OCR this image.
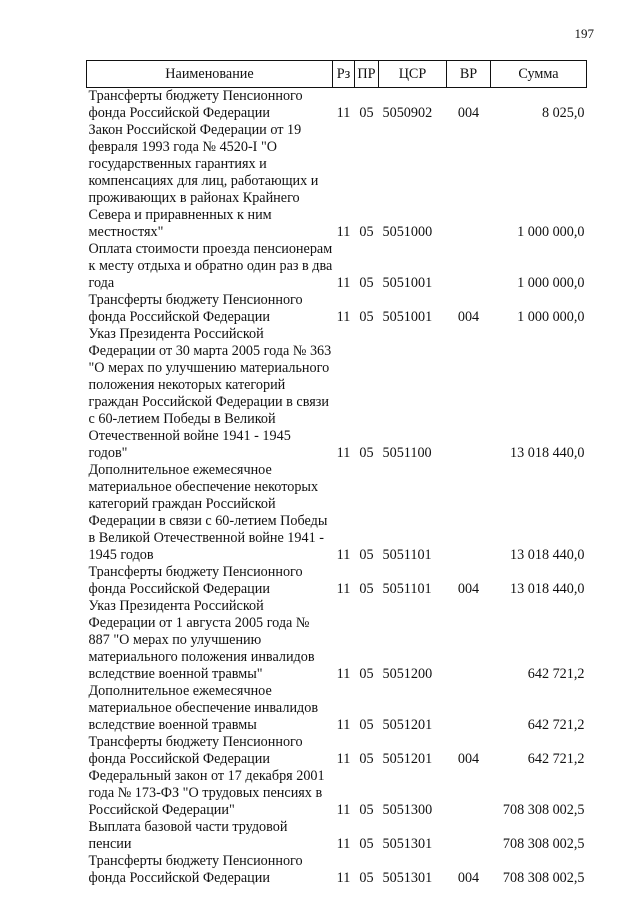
197
Наименование	Рз	ПР	ЦСР	ВР	Сумма
Трансферты бюджету Пенсионного фонда Российской Федерации	11	05	5050902	004	8 025,0
Закон Российской Федерации от 19 февраля 1993 года № 4520-I "О государственных гарантиях и компенсациях для лиц, работающих и проживающих в районах Крайнего Севера и приравненных к ним местностях"	11	05	5051000		1 000 000,0
Оплата стоимости проезда пенсионерам к месту отдыха и обратно один раз в два года	11	05	5051001		1 000 000,0
Трансферты бюджету Пенсионного фонда Российской Федерации	11	05	5051001	004	1 000 000,0
Указ Президента Российской Федерации от 30 марта 2005 года № 363 "О мерах по улучшению материального положения некоторых категорий граждан Российской Федерации в связи с 60-летием Победы в Великой Отечественной войне 1941 - 1945 годов"	11	05	5051100		13 018 440,0
Дополнительное ежемесячное материальное обеспечение некоторых категорий граждан Российской Федерации в связи с 60-летием Победы в Великой Отечественной войне 1941 - 1945 годов	11	05	5051101		13 018 440,0
Трансферты бюджету Пенсионного фонда Российской Федерации	11	05	5051101	004	13 018 440,0
Указ Президента Российской Федерации от 1 августа 2005 года № 887 "О мерах по улучшению материального положения инвалидов вследствие военной травмы"	11	05	5051200		642 721,2
Дополнительное ежемесячное материальное обеспечение инвалидов вследствие военной травмы	11	05	5051201		642 721,2
Трансферты бюджету Пенсионного фонда Российской Федерации	11	05	5051201	004	642 721,2
Федеральный закон от 17 декабря 2001 года № 173-ФЗ "О трудовых пенсиях в Российской Федерации"	11	05	5051300		708 308 002,5
Выплата базовой части трудовой пенсии	11	05	5051301		708 308 002,5
Трансферты бюджету Пенсионного фонда Российской Федерации	11	05	5051301	004	708 308 002,5
